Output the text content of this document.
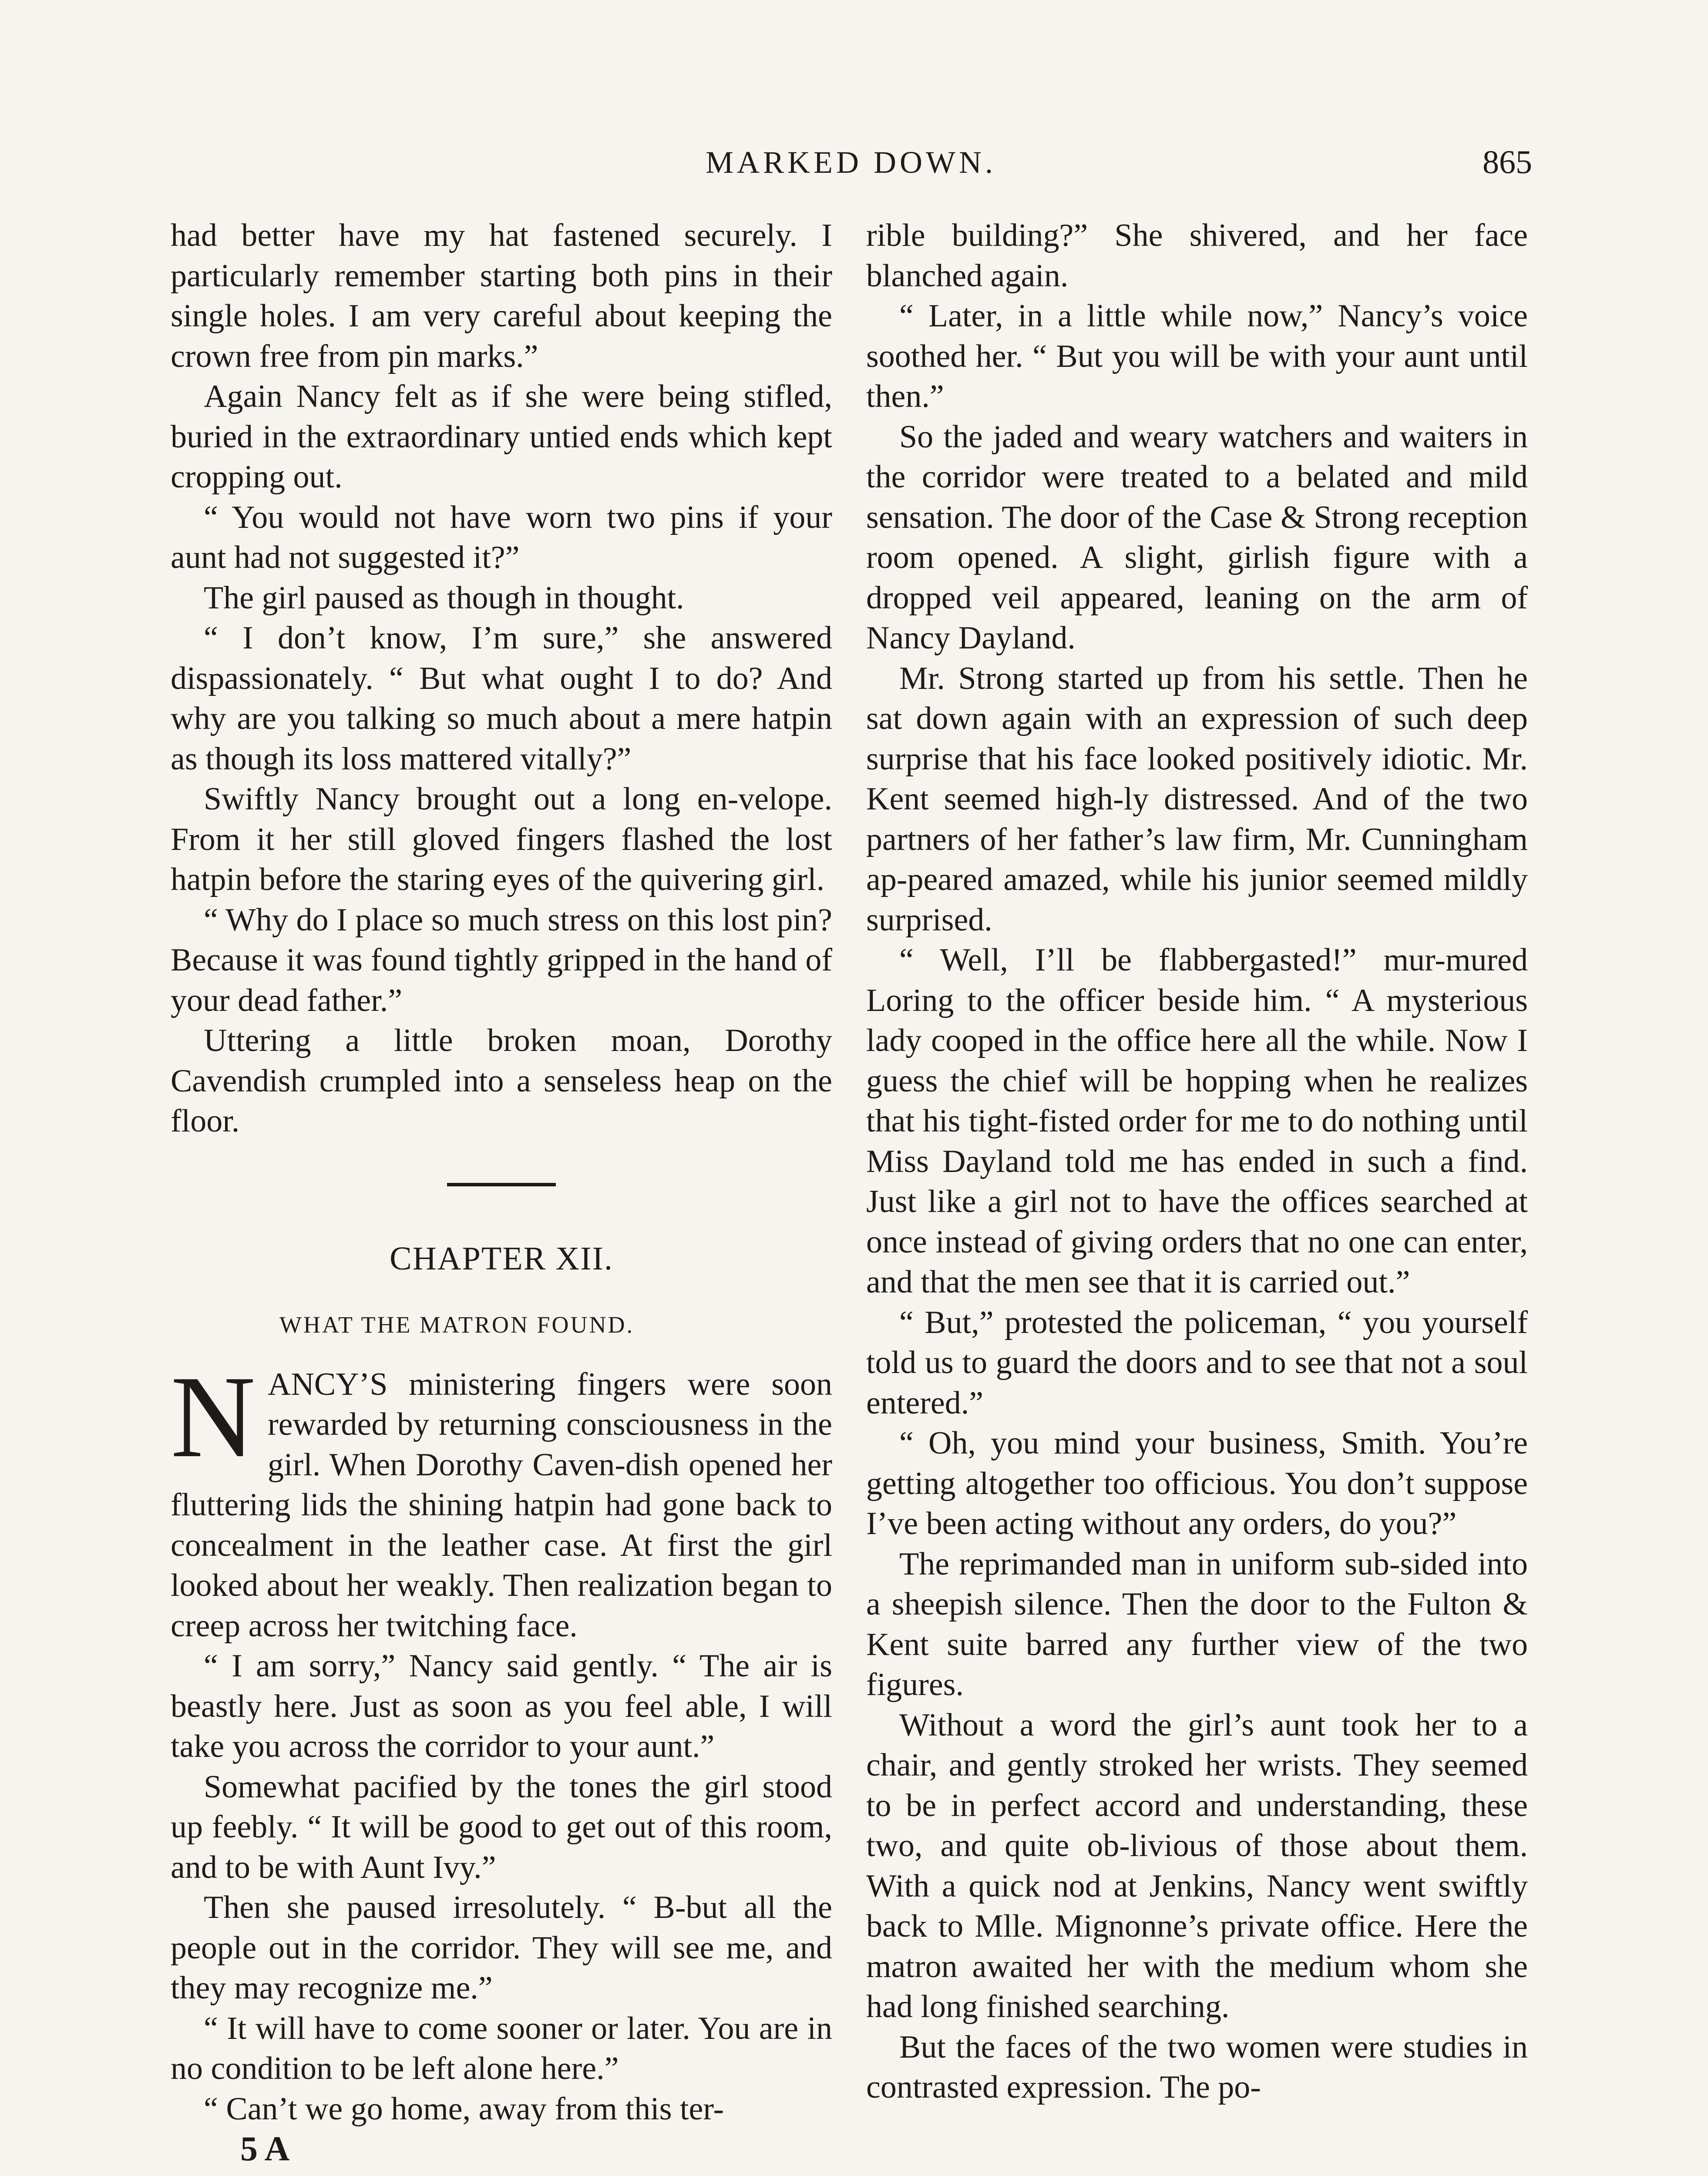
MARKED DOWN.	865

had better have my hat fastened securely. I particularly remember starting both pins in their single holes. I am very careful about keeping the crown free from pin marks.”

Again Nancy felt as if she were being stifled, buried in the extraordinary untied ends which kept cropping out.

“ You would not have worn two pins if your aunt had not suggested it?”

The girl paused as though in thought.

“ I don’t know, I’m sure,” she answered dispassionately. “ But what ought I to do? And why are you talking so much about a mere hatpin as though its loss mattered vitally?”

Swiftly Nancy brought out a long en-velope. From it her still gloved fingers flashed the lost hatpin before the staring eyes of the quivering girl.

“ Why do I place so much stress on this lost pin? Because it was found tightly gripped in the hand of your dead father.”

Uttering a little broken moan, Dorothy Cavendish crumpled into a senseless heap on the floor.

CHAPTER XII.
WHAT THE MATRON FOUND.

NANCY’S ministering fingers were soon rewarded by returning consciousness in the girl. When Dorothy Caven-dish opened her fluttering lids the shining hatpin had gone back to concealment in the leather case. At first the girl looked about her weakly. Then realization began to creep across her twitching face.

“ I am sorry,” Nancy said gently. “ The air is beastly here. Just as soon as you feel able, I will take you across the corridor to your aunt.”

Somewhat pacified by the tones the girl stood up feebly. “ It will be good to get out of this room, and to be with Aunt Ivy.”

Then she paused irresolutely. “ B-but all the people out in the corridor. They will see me, and they may recognize me.”

“ It will have to come sooner or later. You are in no condition to be left alone here.”

“ Can’t we go home, away from this ter-

5 A

rible building?” She shivered, and her face blanched again.

“ Later, in a little while now,” Nancy’s voice soothed her. “ But you will be with your aunt until then.”

So the jaded and weary watchers and waiters in the corridor were treated to a belated and mild sensation. The door of the Case & Strong reception room opened. A slight, girlish figure with a dropped veil appeared, leaning on the arm of Nancy Dayland.

Mr. Strong started up from his settle. Then he sat down again with an expression of such deep surprise that his face looked positively idiotic. Mr. Kent seemed high-ly distressed. And of the two partners of her father’s law firm, Mr. Cunningham ap-peared amazed, while his junior seemed mildly surprised.

“ Well, I’ll be flabbergasted!” mur-mured Loring to the officer beside him. “ A mysterious lady cooped in the office here all the while. Now I guess the chief will be hopping when he realizes that his tight-fisted order for me to do nothing until Miss Dayland told me has ended in such a find. Just like a girl not to have the offices searched at once instead of giving orders that no one can enter, and that the men see that it is carried out.”

“ But,” protested the policeman, “ you yourself told us to guard the doors and to see that not a soul entered.”

“ Oh, you mind your business, Smith. You’re getting altogether too officious. You don’t suppose I’ve been acting without any orders, do you?”

The reprimanded man in uniform sub-sided into a sheepish silence. Then the door to the Fulton & Kent suite barred any further view of the two figures.

Without a word the girl’s aunt took her to a chair, and gently stroked her wrists. They seemed to be in perfect accord and understanding, these two, and quite ob-livious of those about them. With a quick nod at Jenkins, Nancy went swiftly back to Mlle. Mignonne’s private office. Here the matron awaited her with the medium whom she had long finished searching.

But the faces of the two women were studies in contrasted expression. The po-
